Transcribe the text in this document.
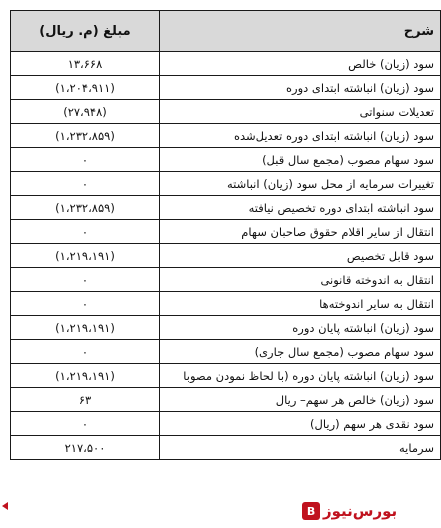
شرح	مبلغ (م. ریال)
سود (زیان) خالص	۱۳،۶۶۸
سود (زیان) انباشته ابتدای دوره	(۱،۲۰۴،۹۱۱)
تعدیلات سنواتی	(۲۷،۹۴۸)
سود (زیان) انباشته ابتدای دوره تعدیل‌شده	(۱،۲۳۲،۸۵۹)
سود سهام مصوب (مجمع سال قبل)	۰
تغییرات سرمایه از محل سود (زیان) انباشته	۰
سود انباشته ابتدای دوره تخصیص نیافته	(۱،۲۳۲،۸۵۹)
انتقال از سایر اقلام حقوق صاحبان سهام	۰
سود قابل تخصیص	(۱،۲۱۹،۱۹۱)
انتقال به اندوخته قانونی	۰
انتقال به سایر اندوخته‌ها	۰
سود (زیان) انباشته پایان دوره	(۱،۲۱۹،۱۹۱)
سود سهام مصوب (مجمع سال جاری)	۰
سود (زیان) انباشته پایان دوره (با لحاظ نمودن مصوبا	(۱،۲۱۹،۱۹۱)
سود (زیان) خالص هر سهم– ریال	۶۳
سود نقدی هر سهم (ریال)	۰
سرمایه	۲۱۷،۵۰۰
بورس‌نیوز
B
